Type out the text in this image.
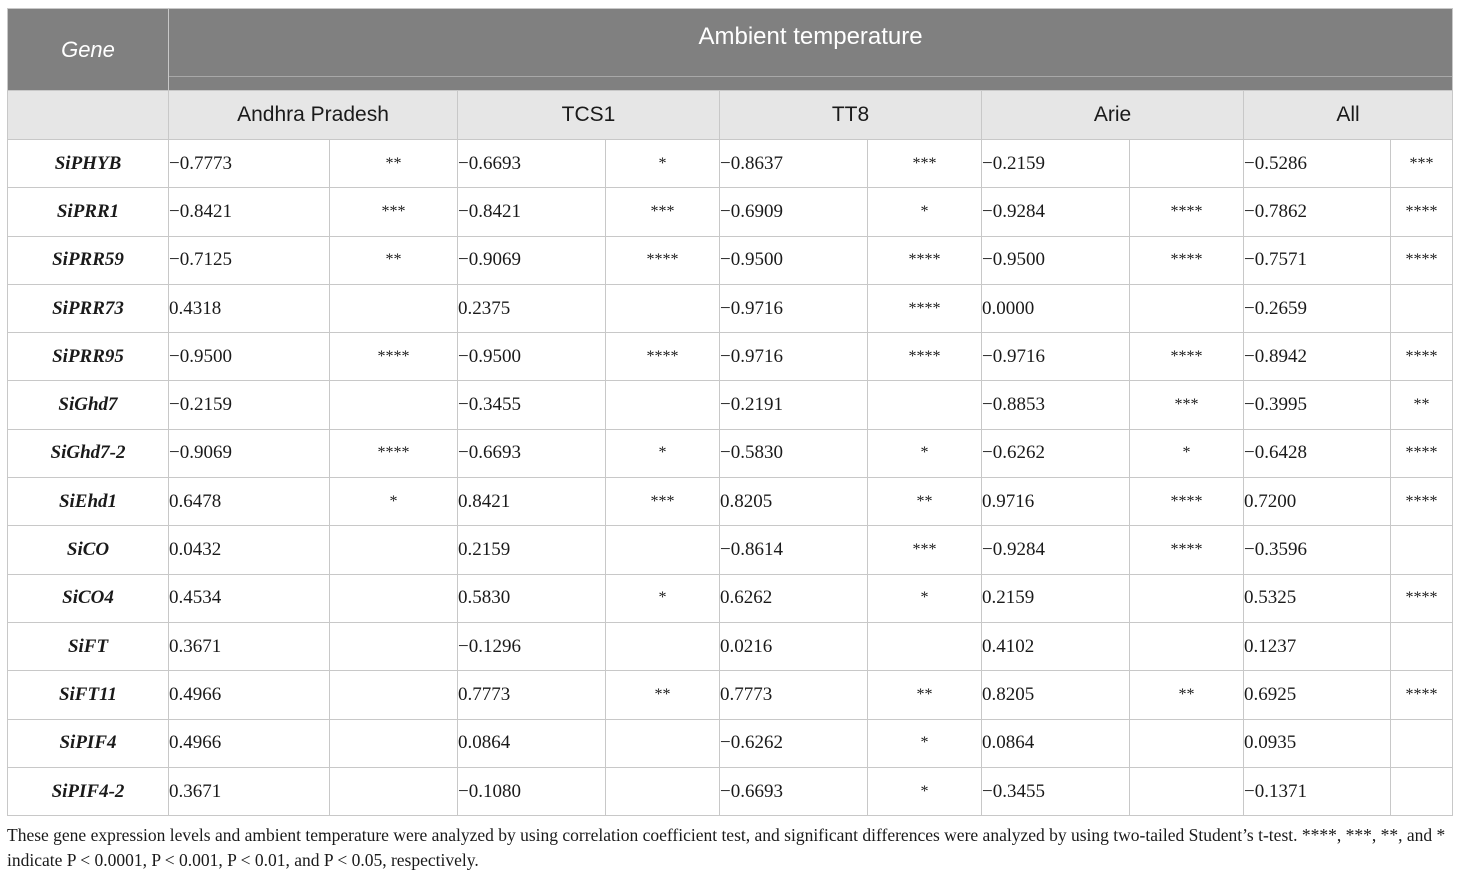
Gene	Ambient temperature									

	Andhra Pradesh		TCS1		TT8		Arie		All	
SiPHYB	−0.7773	**	−0.6693	*	−0.8637	***	−0.2159		−0.5286	***
SiPRR1	−0.8421	***	−0.8421	***	−0.6909	*	−0.9284	****	−0.7862	****
SiPRR59	−0.7125	**	−0.9069	****	−0.9500	****	−0.9500	****	−0.7571	****
SiPRR73	0.4318		0.2375		−0.9716	****	0.0000		−0.2659	
SiPRR95	−0.9500	****	−0.9500	****	−0.9716	****	−0.9716	****	−0.8942	****
SiGhd7	−0.2159		−0.3455		−0.2191		−0.8853	***	−0.3995	**
SiGhd7-2	−0.9069	****	−0.6693	*	−0.5830	*	−0.6262	*	−0.6428	****
SiEhd1	0.6478	*	0.8421	***	0.8205	**	0.9716	****	0.7200	****
SiCO	0.0432		0.2159		−0.8614	***	−0.9284	****	−0.3596	
SiCO4	0.4534		0.5830	*	0.6262	*	0.2159		0.5325	****
SiFT	0.3671		−0.1296		0.0216		0.4102		0.1237	
SiFT11	0.4966		0.7773	**	0.7773	**	0.8205	**	0.6925	****
SiPIF4	0.4966		0.0864		−0.6262	*	0.0864		0.0935	
SiPIF4-2	0.3671		−0.1080		−0.6693	*	−0.3455		−0.1371	
These gene expression levels and ambient temperature were analyzed by using correlation coefficient test, and significant differences were analyzed by using two-tailed Student’s t-test. ****, ***, **, and * indicate P < 0.0001, P < 0.001, P < 0.01, and P < 0.05, respectively.
